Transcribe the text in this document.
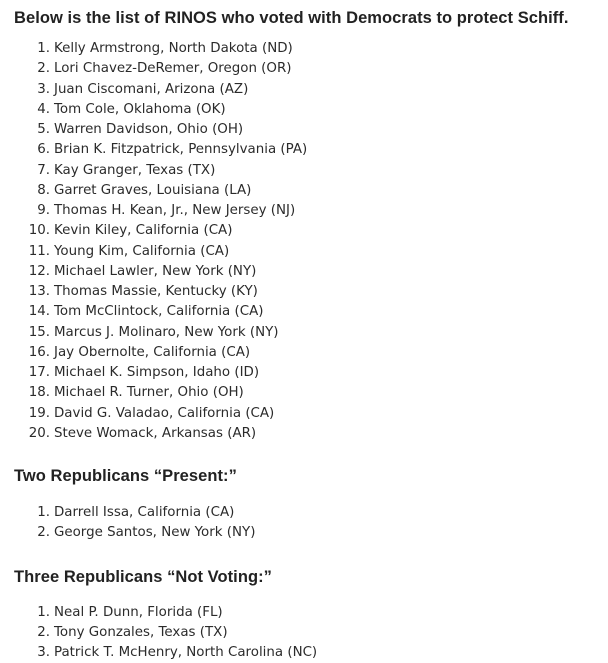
Below is the list of RINOS who voted with Democrats to protect Schiff.
1. Kelly Armstrong, North Dakota (ND)
2. Lori Chavez-DeRemer, Oregon (OR)
3. Juan Ciscomani, Arizona (AZ)
4. Tom Cole, Oklahoma (OK)
5. Warren Davidson, Ohio (OH)
6. Brian K. Fitzpatrick, Pennsylvania (PA)
7. Kay Granger, Texas (TX)
8. Garret Graves, Louisiana (LA)
9. Thomas H. Kean, Jr., New Jersey (NJ)
10. Kevin Kiley, California (CA)
11. Young Kim, California (CA)
12. Michael Lawler, New York (NY)
13. Thomas Massie, Kentucky (KY)
14. Tom McClintock, California (CA)
15. Marcus J. Molinaro, New York (NY)
16. Jay Obernolte, California (CA)
17. Michael K. Simpson, Idaho (ID)
18. Michael R. Turner, Ohio (OH)
19. David G. Valadao, California (CA)
20. Steve Womack, Arkansas (AR)
Two Republicans “Present:”
1. Darrell Issa, California (CA)
2. George Santos, New York (NY)
Three Republicans “Not Voting:”
1. Neal P. Dunn, Florida (FL)
2. Tony Gonzales, Texas (TX)
3. Patrick T. McHenry, North Carolina (NC)
